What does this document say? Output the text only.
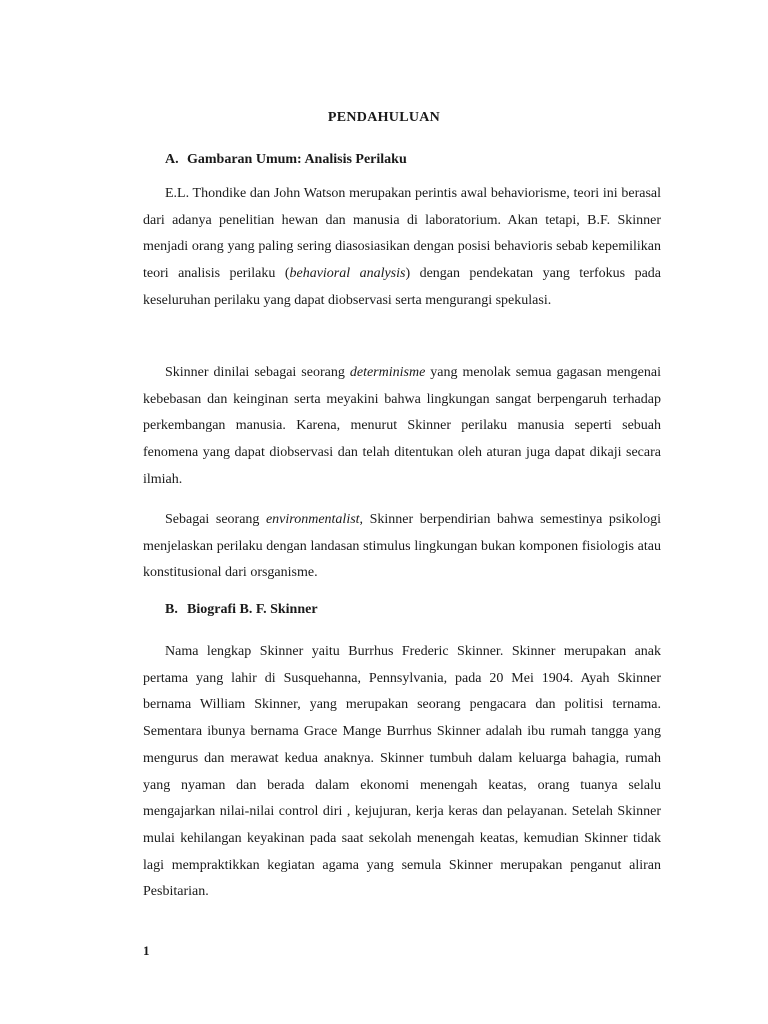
PENDAHULUAN
A. Gambaran Umum: Analisis Perilaku

E.L. Thondike dan John Watson merupakan perintis awal behaviorisme, teori ini berasal dari adanya penelitian hewan dan manusia di laboratorium. Akan tetapi, B.F. Skinner menjadi orang yang paling sering diasosiasikan dengan posisi behavioris sebab kepemilikan teori analisis perilaku (behavioral analysis) dengan pendekatan yang terfokus pada keseluruhan perilaku yang dapat diobservasi serta mengurangi spekulasi.

Skinner dinilai sebagai seorang determinisme yang menolak semua gagasan mengenai kebebasan dan keinginan serta meyakini bahwa lingkungan sangat berpengaruh terhadap perkembangan manusia. Karena, menurut Skinner perilaku manusia seperti sebuah fenomena yang dapat diobservasi dan telah ditentukan oleh aturan juga dapat dikaji secara ilmiah.

Sebagai seorang environmentalist, Skinner berpendirian bahwa semestinya psikologi menjelaskan perilaku dengan landasan stimulus lingkungan bukan komponen fisiologis atau konstitusional dari orsganisme.

B. Biografi B. F. Skinner

Nama lengkap Skinner yaitu Burrhus Frederic Skinner. Skinner merupakan anak pertama yang lahir di Susquehanna, Pennsylvania, pada 20 Mei 1904. Ayah Skinner bernama William Skinner, yang merupakan seorang pengacara dan politisi ternama. Sementara ibunya bernama Grace Mange Burrhus Skinner adalah ibu rumah tangga yang mengurus dan merawat kedua anaknya. Skinner tumbuh dalam keluarga bahagia, rumah yang nyaman dan berada dalam ekonomi menengah keatas, orang tuanya selalu mengajarkan nilai-nilai control diri , kejujuran, kerja keras dan pelayanan. Setelah Skinner mulai kehilangan keyakinan pada saat sekolah menengah keatas, kemudian Skinner tidak lagi mempraktikkan kegiatan agama yang semula Skinner merupakan penganut aliran Pesbitarian.

1
